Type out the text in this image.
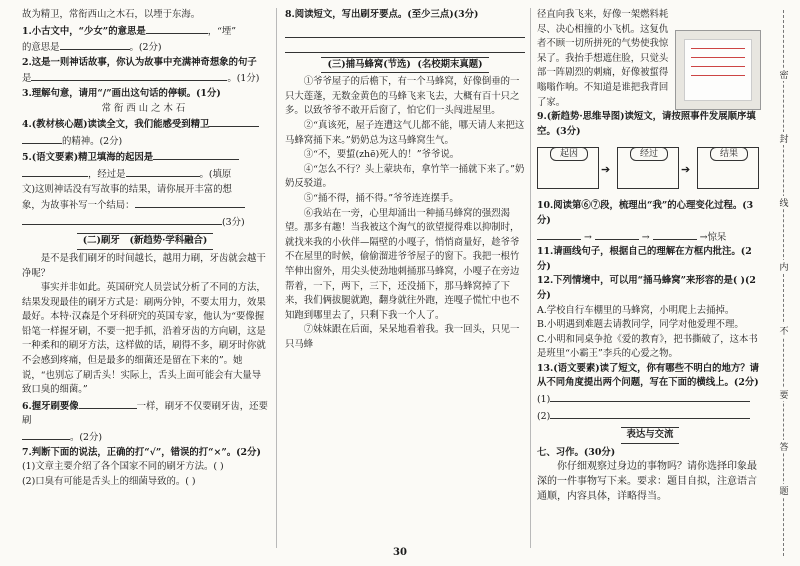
故为精卫，常衔西山之木石，以堙于东海。

1.小古文中，“少女”的意思是	，“堙”

的意思是	。(2分)

2.这是一则神话故事，你认为故事中充满神奇想象的句子

是	。(1分)

3.理解句意，请用“/”画出这句话的停顿。(1分)

常衔西山之木石

4.(教材核心题)读读全文，我们能感受到精卫

的精神。(2分)

5.(语文要素)精卫填海的起因是

，经过是	。(填原

文)这则神话没有写故事的结果，请你展开丰富的想

象，为故事补写一个结局：

(3分)

(二)刷牙 (新趋势·学科融合)

是不是我们刷牙的时间越长，越用力刷，牙齿就会越干净呢？

事实并非如此。英国研究人员尝试分析了不同的方法，结果发现最佳的刷牙方式是：刷两分钟，不要太用力，效果最好。本特·汉森是个牙科研究的英国专家，他认为“要像握铅笔一样握牙刷，不要一把手抓，沿着牙齿的方向刷，这是一种柔和的刷牙方法，这样做的话，刷得不多，刷牙时你就不会感到疼痛，但是最多的细菌还是留在下来的”。她说，“也别忘了刷舌头！实际上，舌头上面可能会有大量导致口臭的细菌。”

6.握牙刷要像	一样，刷牙不仅要刷牙齿，还要刷

。(2分)

7.判断下面的说法，正确的打“√”，错误的打“×”。(2分)

(1)文章主要介绍了各个国家不同的刷牙方法。( )

(2)口臭有可能是舌头上的细菌导致的。( )

8.阅读短文，写出刷牙要点。(至少三点)(3分)

(三)捕马蜂窝(节选) (名校期末真题)

①爷爷屋子的后檐下，有一个马蜂窝，好像倒垂的一只大莲蓬，无数金黄色的马蜂飞来飞去，大概有百十只之多。以致爷爷不敢开后窗了，怕它们一头闯进屋里。

②“真该死，屋子连遭这气儿都不能，哪天请人来把这马蜂窝捅下来。”奶奶总为这马蜂窝生气。

③“不，要蜇(zhē)死人的！”爷爷说。

④“怎么不行？头上蒙块布，拿竹竿一捅就下来了。”奶奶反驳道。

⑤“捅不得，捅不得。”爷爷连连摆手。

⑥我站在一旁，心里却涌出一种捅马蜂窝的强烈渴望。那多有趣！当我被这个淘气的欲望搅得难以抑制时，就找来我的小伙伴—隔壁的小嘎子，悄悄商量好，趁爷爷不在屋里的时候，偷偷溜进爷爷屋子的窗下。我把一根竹竿伸出窗外，用尖头使劲地刺捅那马蜂窝，小嘎子在旁边帮着，一下，两下，三下，还没捅下，那马蜂窝掉了下来，我们俩拔腿就跑，翻身就往外跑，连嘎子慌忙中也不知跑到哪里去了，只剩下我一个人了。

⑦妹妹跟在后面，呆呆地看着我。我一回头，只见一只马蜂

径直向我飞来，好像一架燃料耗尽、决心相撞的小飞机。这复仇者不顾一切所拼死的气势使我惊呆了。我抬手想遮住脸，只觉头部一阵剧烈的刺痛，好像被蜇得嗡嗡作响。不知道是谁把我背回了家。

9.(新趋势·思维导图)读短文，请按照事件发展顺序填空。(3分)

起因
➔
经过
➔
结果

10.阅读第⑥⑦段，梳理出“我”的心理变化过程。(3分)

→	→	→惊呆

11.请画线句子，根据自己的理解在方框内批注。(2分)

12.下列情境中，可以用“捅马蜂窝”来形容的是( )(2分)

A.学校自行车棚里的马蜂窝，小明爬上去捅掉。

B.小明遇到难题去请教同学，同学对他爱理不理。

C.小明和同桌争抢《爱的教育》，把书撕破了，这本书是班里“小霸王”李兵的心爱之物。

13.(语文要素)读了短文，你有哪些不明白的地方？请从不同角度提出两个问题，写在下面的横线上。(2分)

(1)

(2)

表达与交流

七、习作。(30分)

你仔细观察过身边的事物吗？请你选择印象最深的一件事物写下来。要求：题目自拟，注意语言通顺，内容具体，详略得当。

密
封
线
内
不
要
答
题
30
